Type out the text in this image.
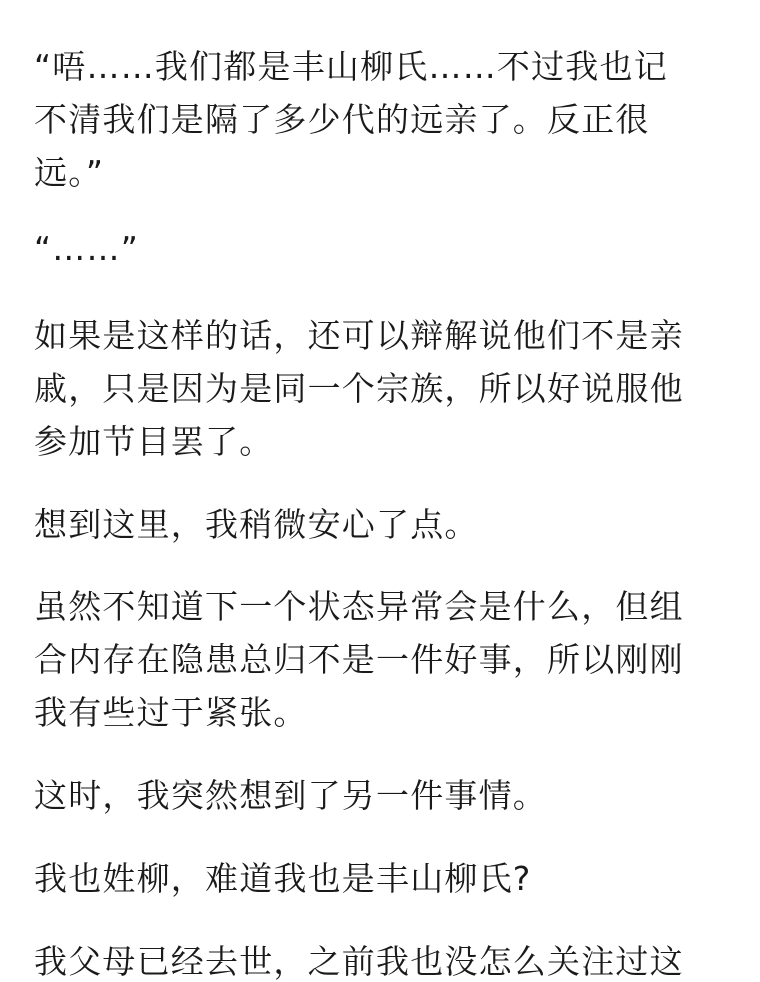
“唔……我们都是丰山柳氏……不过我也记
不清我们是隔了多少代的远亲了。反正很
远。”
“……”
如果是这样的话，还可以辩解说他们不是亲
戚，只是因为是同一个宗族，所以好说服他
参加节目罢了。
想到这里，我稍微安心了点。
虽然不知道下一个状态异常会是什么，但组
合内存在隐患总归不是一件好事，所以刚刚
我有些过于紧张。
这时，我突然想到了另一件事情。
我也姓柳，难道我也是丰山柳氏?
我父母已经去世，之前我也没怎么关注过这
